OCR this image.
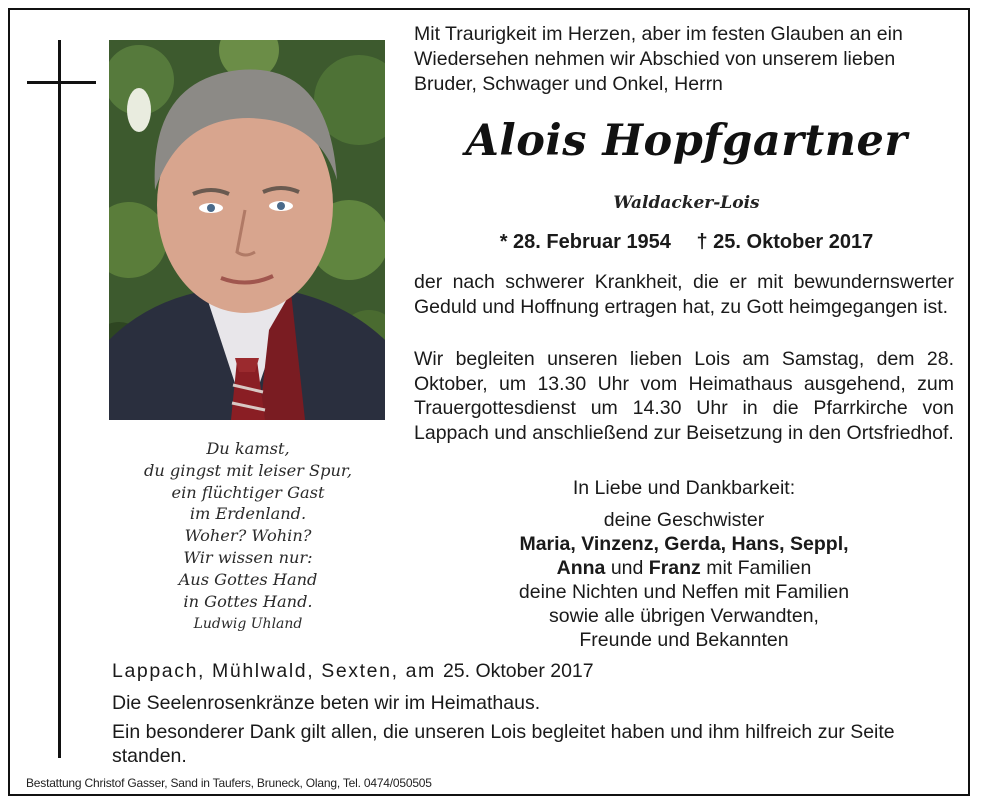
Du kamst,
du gingst mit leiser Spur,
ein flüchtiger Gast
im Erdenland.
Woher? Wohin?
Wir wissen nur:
Aus Gottes Hand
in Gottes Hand.
Ludwig Uhland
Mit Traurigkeit im Herzen, aber im festen Glauben an ein Wiedersehen nehmen wir Abschied von unserem lieben Bruder, Schwager und Onkel, Herrn
Alois Hopfgartner
Waldacker-Lois
* 28. Februar 1954 † 25. Oktober 2017
der nach schwerer Krankheit, die er mit bewundernswerter Geduld und Hoffnung ertragen hat, zu Gott heimgegangen ist.
Wir begleiten unseren lieben Lois am Samstag, dem 28. Oktober, um 13.30 Uhr vom Heimathaus ausgehend, zum Trauergottesdienst um 14.30 Uhr in die Pfarrkirche von Lappach und anschließend zur Beisetzung in den Ortsfriedhof.
In Liebe und Dankbarkeit:
deine Geschwister
Maria, Vinzenz, Gerda, Hans, Seppl,
Anna und Franz mit Familien
deine Nichten und Neffen mit Familien
sowie alle übrigen Verwandten,
Freunde und Bekannten
Lappach, Mühlwald, Sexten, am 25. Oktober 2017
Die Seelenrosenkränze beten wir im Heimathaus.
Ein besonderer Dank gilt allen, die unseren Lois begleitet haben und ihm hilfreich zur Seite standen.
Bestattung Christof Gasser, Sand in Taufers, Bruneck, Olang, Tel. 0474/050505
